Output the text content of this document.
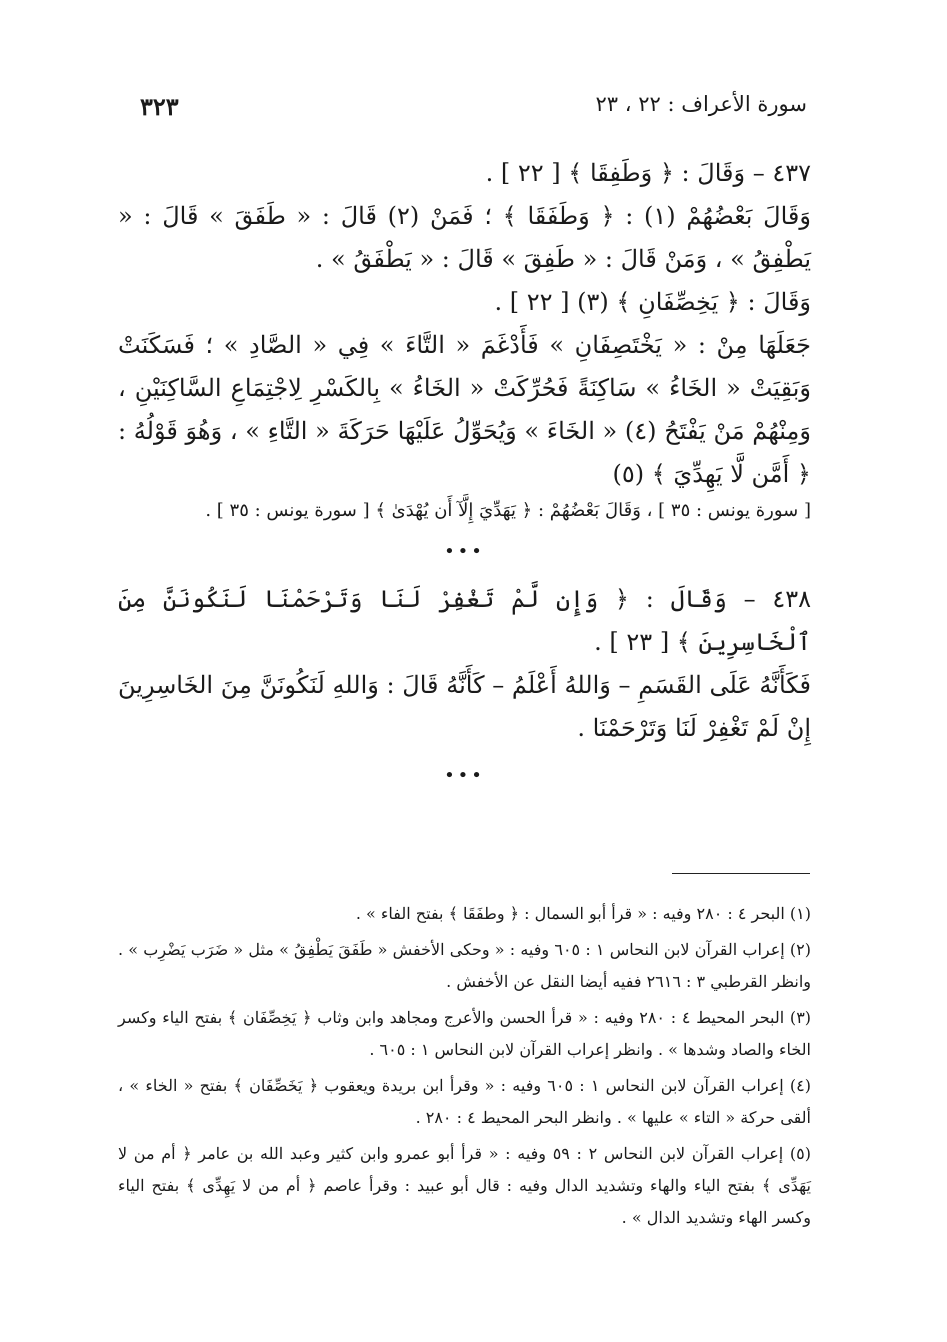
سورة الأعراف : ٢٢ ، ٢٣
٣٢٣

٤٣٧ – وَقَالَ : ﴿ وَطَفِقَا ﴾ [ ٢٢ ] .

وَقَالَ بَعْضُهُمْ (١) : ﴿ وَطَفَقَا ﴾ ؛ فَمَنْ (٢) قَالَ : « طَفَقَ » قَالَ : « يَطْفِقُ » ، وَمَنْ قَالَ : « طَفِقَ » قَالَ : « يَطْفَقُ » .

وَقَالَ : ﴿ يَخِصِّفَانِ ﴾ (٣) [ ٢٢ ] .

جَعَلَهَا مِنْ : « يَخْتَصِفَانِ » فَأَدْغَمَ « التَّاءَ » فِي « الصَّادِ » ؛ فَسَكَنَتْ وَبَقِيَتْ « الخَاءُ » سَاكِنَةً فَحُرِّكَتْ « الخَاءُ » بِالكَسْرِ لِاجْتِمَاعِ السَّاكِنَيْنِ ، وَمِنْهُمْ مَنْ يَفْتَحُ (٤) « الخَاءَ » وَيُحَوِّلُ عَلَيْهَا حَرَكَةَ « التَّاءِ » ، وَهُوَ قَوْلُهُ : ﴿ أَمَّن لَّا يَهِدِّيَ ﴾ (٥)

[ سورة يونس : ٣٥ ] ، وَقَالَ بَعْضُهُمْ : ﴿ يَهَدِّيَ إِلَّآ أَن يُهْدَىٰ ﴾ [ سورة يونس : ٣٥ ] .

•••

٤٣٨ – وَقَالَ : ﴿ وَإِن لَّمْ تَغْفِرْ لَنَا وَتَرْحَمْنَا لَنَكُونَنَّ مِنَ ٱلْخَاسِرِينَ ﴾ [ ٢٣ ] .

فَكَأَنَّهُ عَلَى القَسَمِ – وَاللهُ أَعْلَمُ – كَأَنَّهُ قَالَ : وَاللهِ لَنَكُونَنَّ مِنَ الخَاسِرِينَ إِنْ لَمْ تَغْفِرْ لَنَا وَتَرْحَمْنَا .

•••

(١) البحر ٤ : ٢٨٠ وفيه : « قرأ أبو السمال : ﴿ وطفَقَا ﴾ بفتح الفاء » .

(٢) إعراب القرآن لابن النحاس ١ : ٦٠٥ وفيه : « وحكى الأخفش « طَفَقَ يَطْفِقُ » مثل « ضَرَب يَضْرِب » . وانظر القرطبي ٣ : ٢٦١٦ ففيه أيضا النقل عن الأخفش .

(٣) البحر المحيط ٤ : ٢٨٠ وفيه : « قرأ الحسن والأعرج ومجاهد وابن وثاب ﴿ يَخِصِّفَان ﴾ بفتح الياء وكسر الخاء والصاد وشدها » . وانظر إعراب القرآن لابن النحاس ١ : ٦٠٥ .

(٤) إعراب القرآن لابن النحاس ١ : ٦٠٥ وفيه : « وقرأ ابن بريدة ويعقوب ﴿ يَخَصِّفَان ﴾ بفتح « الخاء » ، ألقى حركة « التاء » عليها » . وانظر البحر المحيط ٤ : ٢٨٠ .

(٥) إعراب القرآن لابن النحاس ٢ : ٥٩ وفيه : « قرأ أبو عمرو وابن كثير وعبد الله بن عامر ﴿ أم من لا يَهَدِّى ﴾ بفتح الياء والهاء وتشديد الدال وفيه : قال أبو عبيد : وقرأ عاصم ﴿ أم من لا يَهِدِّى ﴾ بفتح الياء وكسر الهاء وتشديد الدال » .
